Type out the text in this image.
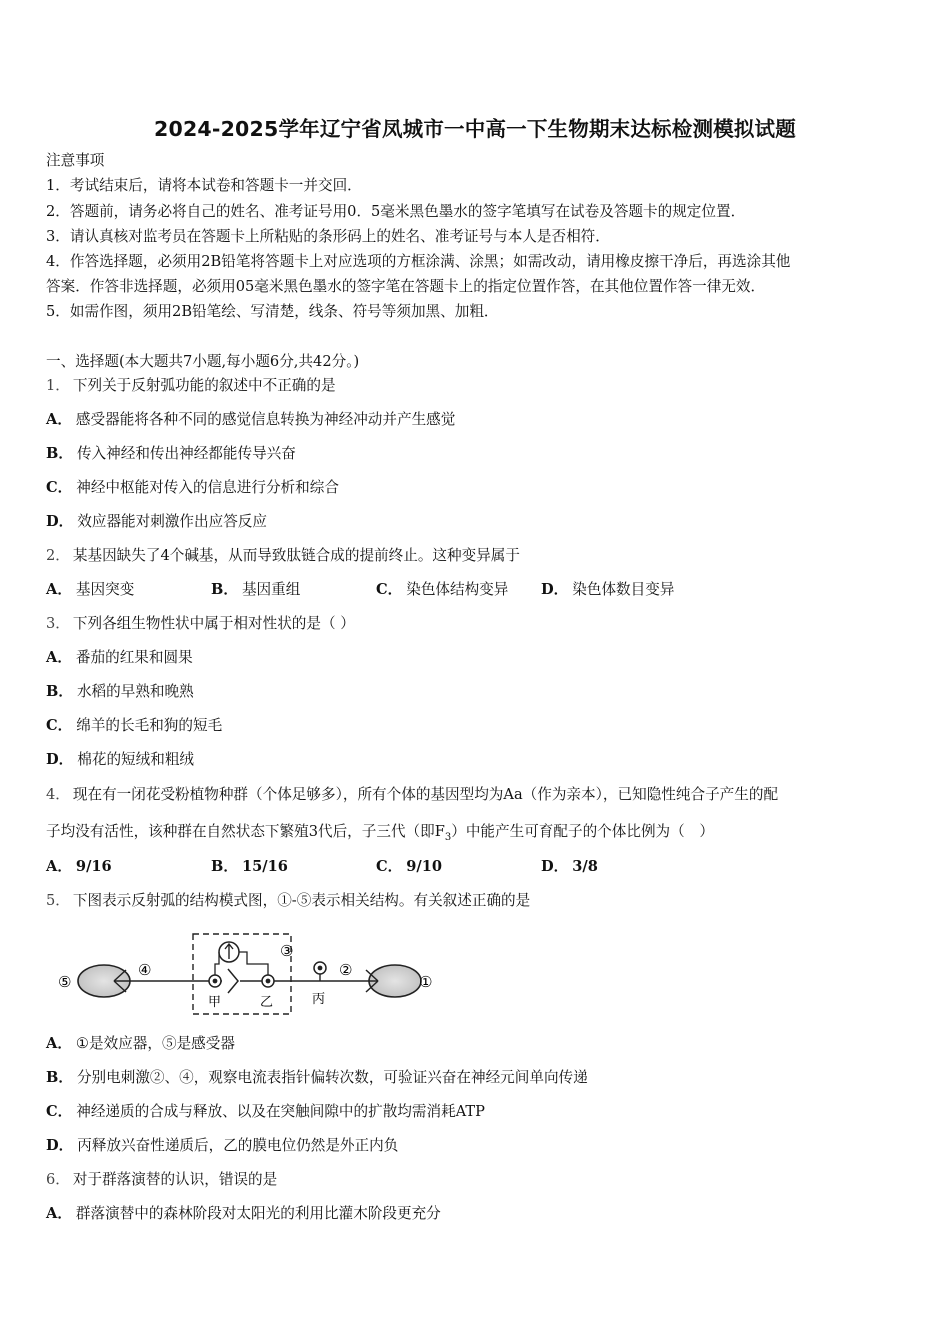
2024-2025学年辽宁省凤城市一中高一下生物期末达标检测模拟试题
注意事项
1．考试结束后，请将本试卷和答题卡一并交回．
2．答题前，请务必将自己的姓名、准考证号用0．5毫米黑色墨水的签字笔填写在试卷及答题卡的规定位置．
3．请认真核对监考员在答题卡上所粘贴的条形码上的姓名、准考证号与本人是否相符．
4．作答选择题，必须用2B铅笔将答题卡上对应选项的方框涂满、涂黑；如需改动，请用橡皮擦干净后，再选涂其他
答案．作答非选择题，必须用05毫米黑色墨水的签字笔在答题卡上的指定位置作答，在其他位置作答一律无效．
5．如需作图，须用2B铅笔绘、写清楚，线条、符号等须加黑、加粗．
一、选择题(本大题共7小题,每小题6分,共42分。)
1． 下列关于反射弧功能的叙述中不正确的是
A． 感受器能将各种不同的感觉信息转换为神经冲动并产生感觉
B． 传入神经和传出神经都能传导兴奋
C． 神经中枢能对传入的信息进行分析和综合
D． 效应器能对刺激作出应答反应
2． 某基因缺失了4个碱基，从而导致肽链合成的提前终止。这种变异属于
A． 基因突变	B． 基因重组	C． 染色体结构变异 D． 染色体数目变异
3． 下列各组生物性状中属于相对性状的是（ ）
A． 番茄的红果和圆果
B． 水稻的早熟和晚熟
C． 绵羊的长毛和狗的短毛
D． 棉花的短绒和粗绒
4． 现在有一闭花受粉植物种群（个体足够多），所有个体的基因型均为Aa（作为亲本），已知隐性纯合子产生的配
子均没有活性，该种群在自然状态下繁殖3代后，子三代（即$F_3$）中能产生可育配子的个体比例为（　）
A． 9/16	B． 15/16	C． 9/10	D． 3/8
5． 下图表示反射弧的结构模式图，①-⑤表示相关结构。有关叙述正确的是
⑤
④
③
②
①
甲	乙	丙
A． ①是效应器，⑤是感受器
B． 分别电刺激②、④，观察电流表指针偏转次数，可验证兴奋在神经元间单向传递
C． 神经递质的合成与释放、以及在突触间隙中的扩散均需消耗ATP
D． 丙释放兴奋性递质后，乙的膜电位仍然是外正内负
6． 对于群落演替的认识，错误的是
A． 群落演替中的森林阶段对太阳光的利用比灌木阶段更充分
